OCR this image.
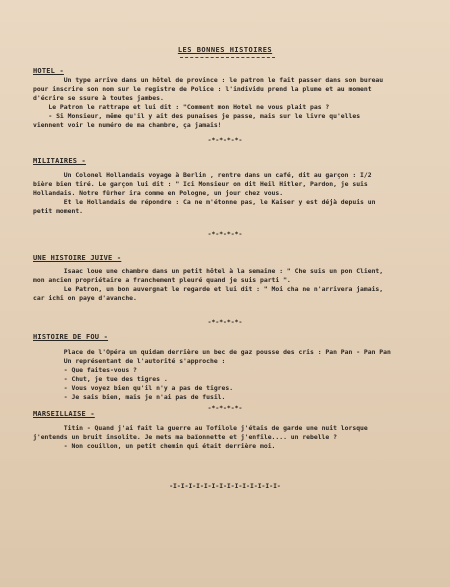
LES BONNES HISTOIRES
HOTEL -
Un type arrive dans un hôtel de province : le patron le fait passer dans son bureau
pour inscrire son nom sur le registre de Police : l'individu prend la plume et au moment
d'écrire se ssure à toutes jambes.
Le Patron le rattrape et lui dit : "Comment mon Hotel ne vous plait pas ?
- Si Monsieur, même qu'il y ait des punaises je passe, mais sur le livre qu'elles
viennent voir le numéro de ma chambre, ça jamais!
-*-*-*-*-
MILITAIRES -
Un Colonel Hollandais voyage à Berlin , rentre dans un café, dit au garçon : I/2
bière bien tiré. Le garçon lui dit : " Ici Monsieur on dit Heil Hitler, Pardon, je suis
Hollandais. Notre fürher ira comme en Pologne, un jour chez vous.
Et le Hollandais de répondre : Ca ne m'étonne pas, le Kaiser y est déjà depuis un
petit moment.
-*-*-*-*-
UNE HISTOIRE JUIVE -
Isaac loue une chambre dans un petit hôtel à la semaine : " Che suis un pon Client,
mon ancien propriétaire a franchement pleuré quand je suis parti ".
Le Patron, un bon auvergnat le regarde et lui dit : " Moi cha ne n'arrivera jamais,
car ichi on paye d'avanche.
-*-*-*-*-
HISTOIRE DE FOU -
Place de l'Opéra un quidam derrière un bec de gaz pousse des cris : Pan Pan - Pan Pan
Un représentant de l'autorité s'approche :
- Que faites-vous ?
- Chut, je tue des tigres .
- Vous voyez bien qu'il n'y a pas de tigres.
- Je sais bien, mais je n'ai pas de fusil.
-*-*-*-*-
MARSEILLAISE -
Titin - Quand j'ai fait la guerre au Tofilole j'étais de garde une nuit lorsque
j'entends un bruit insolite. Je mets ma baïonnette et j'enfile.... un rebelle ?
- Non couillon, un petit chemin qui était derrière moi.
-I-I-I-I-I-I-I-I-I-I-I-I-I-I-
